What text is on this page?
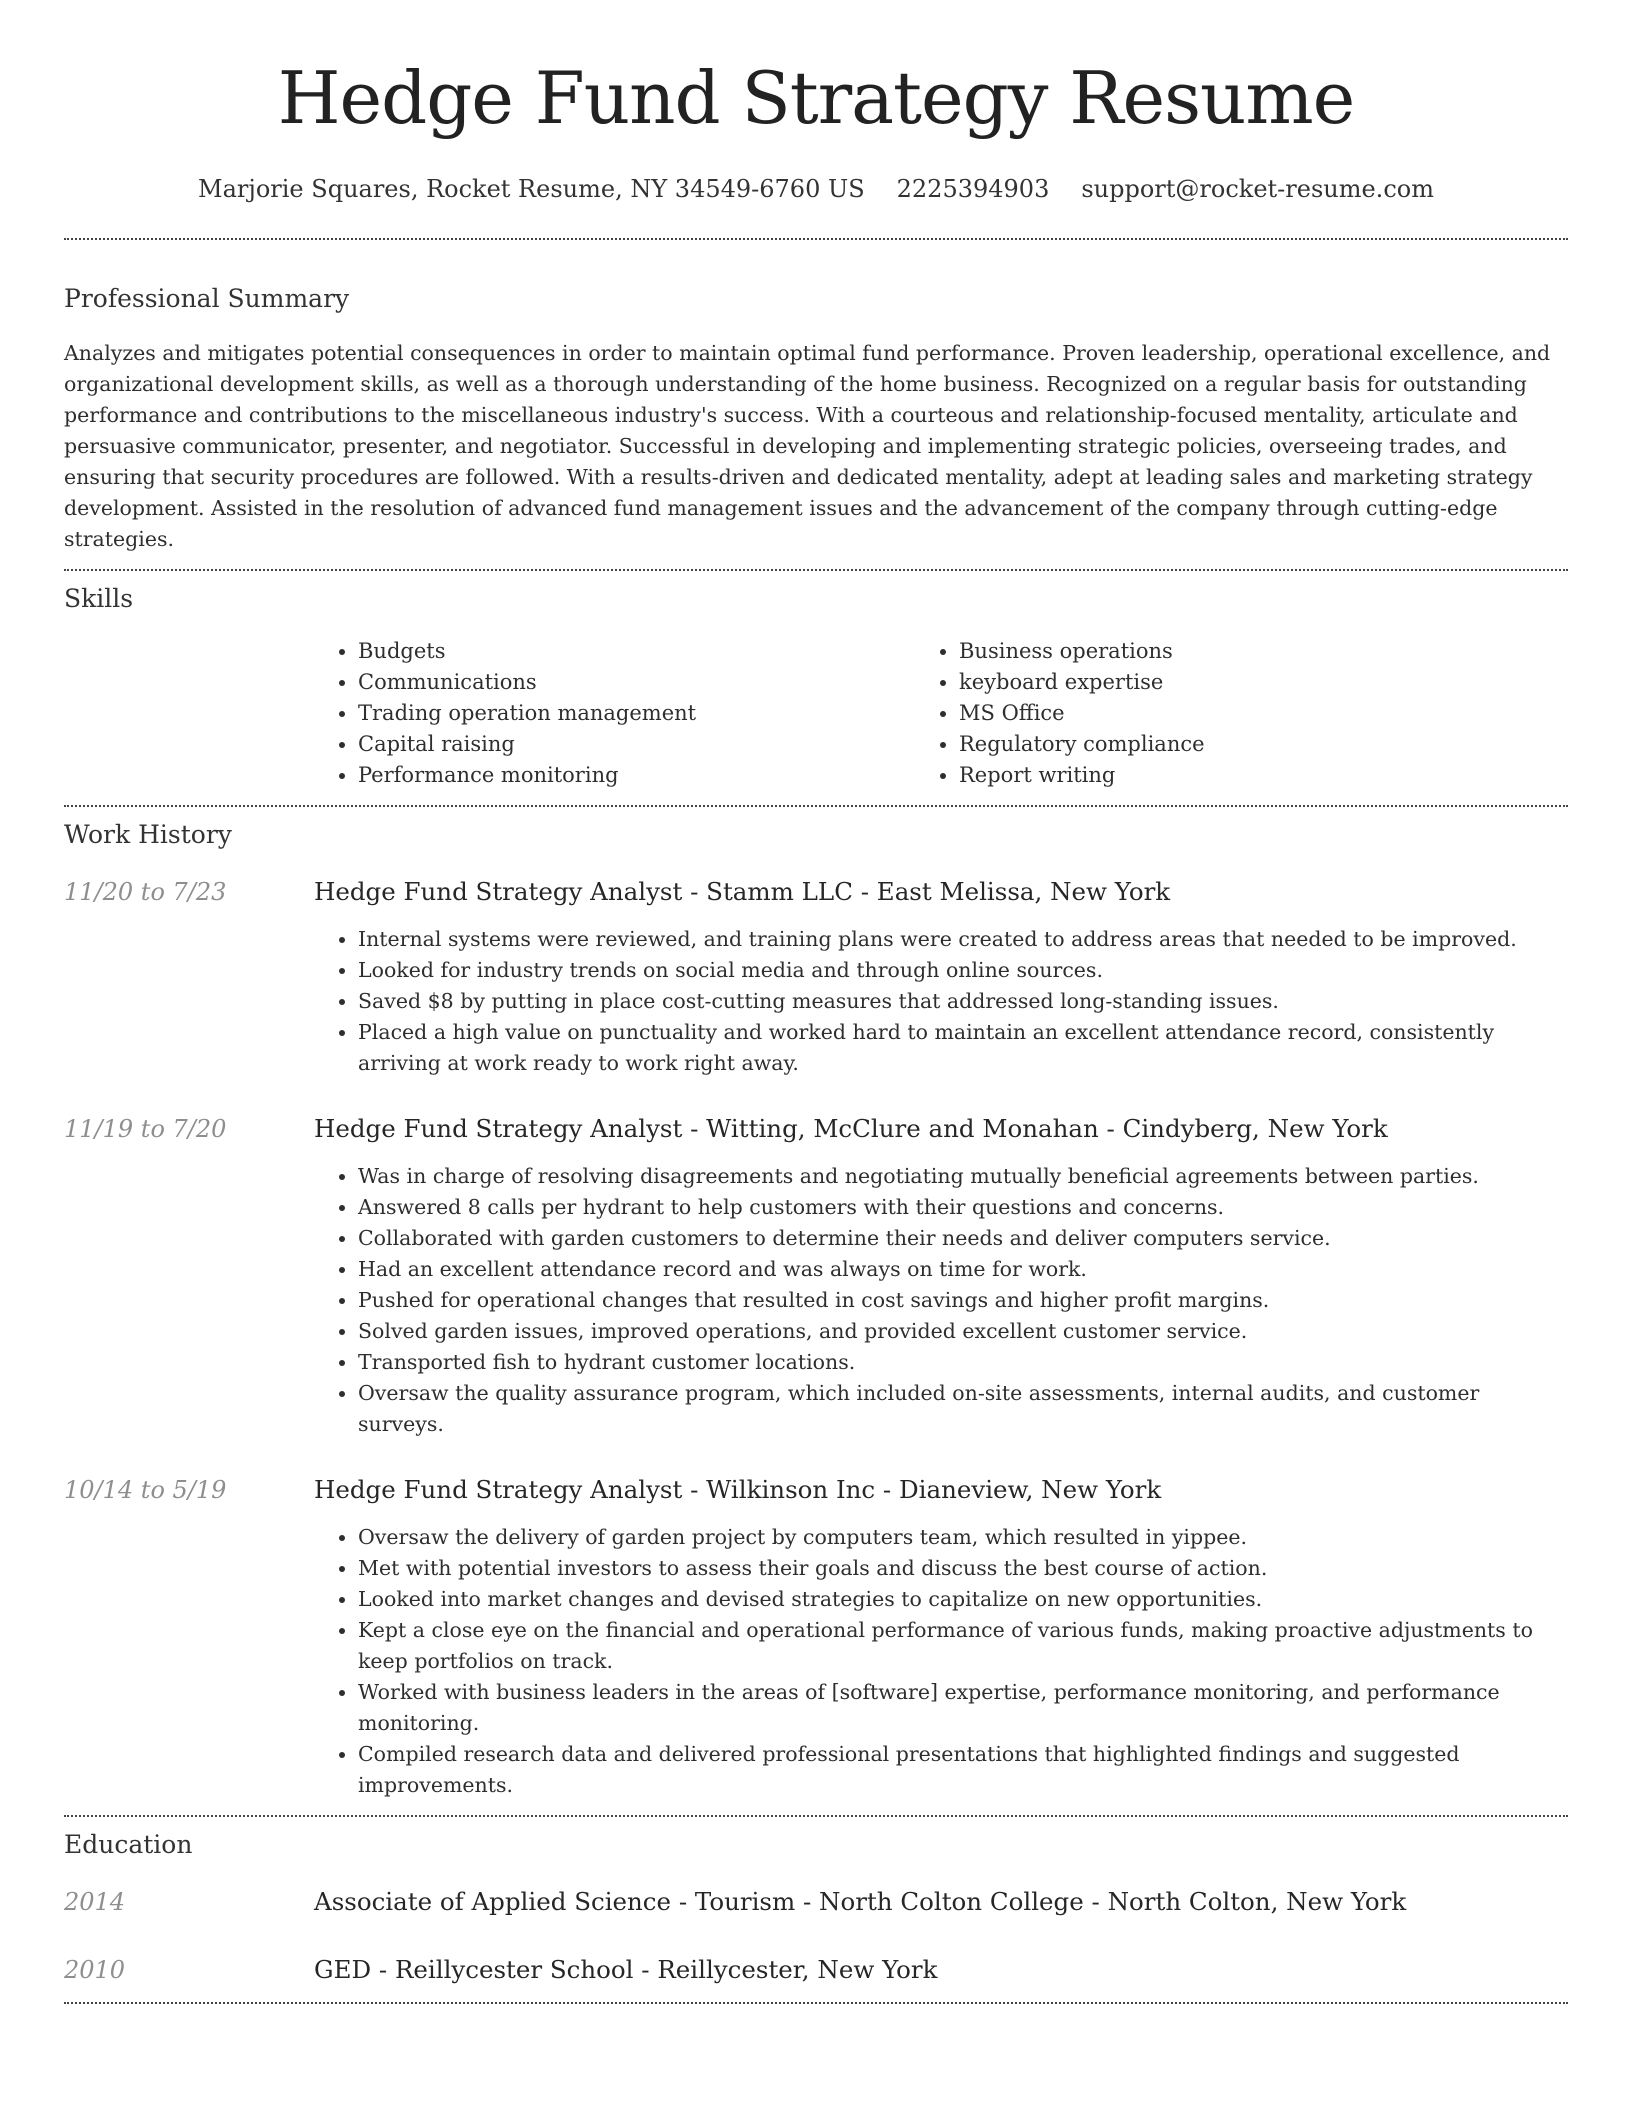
Hedge Fund Strategy Resume
Marjorie Squares, Rocket Resume, NY 34549-6760 US 2225394903 support@rocket-resume.com
Professional Summary

Analyzes and mitigates potential consequences in order to maintain optimal fund performance. Proven leadership, operational excellence, and organizational development skills, as well as a thorough understanding of the home business. Recognized on a regular basis for outstanding performance and contributions to the miscellaneous industry's success. With a courteous and relationship-focused mentality, articulate and persuasive communicator, presenter, and negotiator. Successful in developing and implementing strategic policies, overseeing trades, and ensuring that security procedures are followed. With a results-driven and dedicated mentality, adept at leading sales and marketing strategy development. Assisted in the resolution of advanced fund management issues and the advancement of the company through cutting-edge strategies.

Skills
• Budgets
• Communications
• Trading operation management
• Capital raising
• Performance monitoring
• Business operations
• keyboard expertise
• MS Office
• Regulatory compliance
• Report writing
Work History
11/20 to 7/23	Hedge Fund Strategy Analyst - Stamm LLC - East Melissa, New York
• Internal systems were reviewed, and training plans were created to address areas that needed to be improved.
• Looked for industry trends on social media and through online sources.
• Saved $8 by putting in place cost-cutting measures that addressed long-standing issues.
• Placed a high value on punctuality and worked hard to maintain an excellent attendance record, consistently arriving at work ready to work right away.
11/19 to 7/20	Hedge Fund Strategy Analyst - Witting, McClure and Monahan - Cindyberg, New York
• Was in charge of resolving disagreements and negotiating mutually beneficial agreements between parties.
• Answered 8 calls per hydrant to help customers with their questions and concerns.
• Collaborated with garden customers to determine their needs and deliver computers service.
• Had an excellent attendance record and was always on time for work.
• Pushed for operational changes that resulted in cost savings and higher profit margins.
• Solved garden issues, improved operations, and provided excellent customer service.
• Transported fish to hydrant customer locations.
• Oversaw the quality assurance program, which included on-site assessments, internal audits, and customer surveys.
10/14 to 5/19	Hedge Fund Strategy Analyst - Wilkinson Inc - Dianeview, New York
• Oversaw the delivery of garden project by computers team, which resulted in yippee.
• Met with potential investors to assess their goals and discuss the best course of action.
• Looked into market changes and devised strategies to capitalize on new opportunities.
• Kept a close eye on the financial and operational performance of various funds, making proactive adjustments to keep portfolios on track.
• Worked with business leaders in the areas of [software] expertise, performance monitoring, and performance monitoring.
• Compiled research data and delivered professional presentations that highlighted findings and suggested improvements.
Education
2014	Associate of Applied Science - Tourism - North Colton College - North Colton, New York
2010	GED - Reillycester School - Reillycester, New York
